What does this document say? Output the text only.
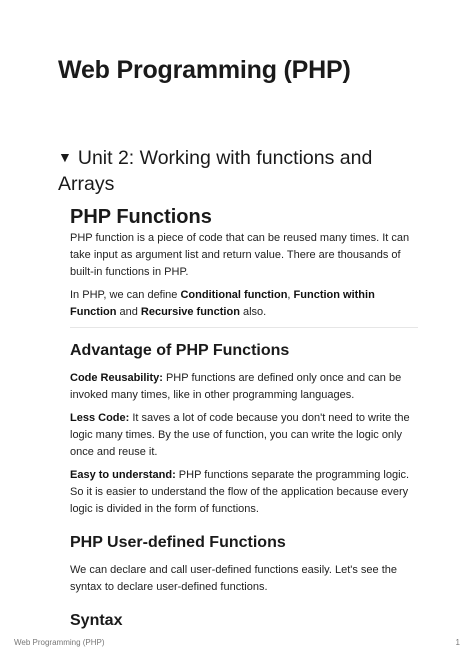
Web Programming (PHP)
▼ Unit 2: Working with functions and Arrays
PHP Functions

PHP function is a piece of code that can be reused many times. It can take input as argument list and return value. There are thousands of built-in functions in PHP.

In PHP, we can define Conditional function, Function within Function and Recursive function also.

Advantage of PHP Functions

Code Reusability: PHP functions are defined only once and can be invoked many times, like in other programming languages.

Less Code: It saves a lot of code because you don't need to write the logic many times. By the use of function, you can write the logic only once and reuse it.

Easy to understand: PHP functions separate the programming logic. So it is easier to understand the flow of the application because every logic is divided in the form of functions.

PHP User-defined Functions

We can declare and call user-defined functions easily. Let's see the syntax to declare user-defined functions.

Syntax
Web Programming (PHP)	1
